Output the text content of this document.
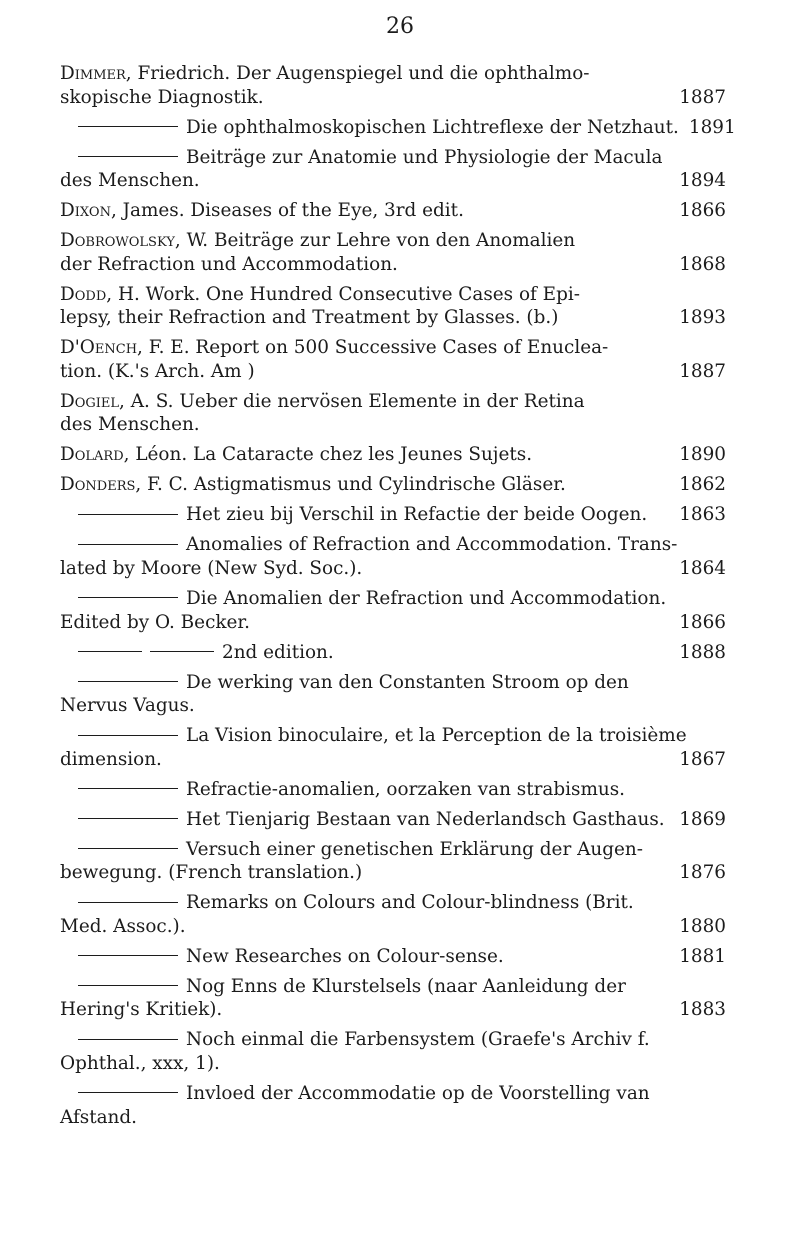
26
Dimmer, Friedrich. Der Augenspiegel und die ophthalmo-
skopische Diagnostik.	1887
Die ophthalmoskopischen Lichtreflexe der Netzhaut. 1891
Beiträge zur Anatomie und Physiologie der Macula
des Menschen.	1894
Dixon, James. Diseases of the Eye, 3rd edit.	1866
Dobrowolsky, W. Beiträge zur Lehre von den Anomalien
der Refraction und Accommodation.	1868
Dodd, H. Work. One Hundred Consecutive Cases of Epi-
lepsy, their Refraction and Treatment by Glasses. (b.)	1893
D'Oench, F. E. Report on 500 Successive Cases of Enuclea-
tion. (K.'s Arch. Am )	1887
Dogiel, A. S. Ueber die nervösen Elemente in der Retina
des Menschen.
Dolard, Léon. La Cataracte chez les Jeunes Sujets.	1890
Donders, F. C. Astigmatismus und Cylindrische Gläser.	1862
Het zieu bij Verschil in Refactie der beide Oogen.	1863
Anomalies of Refraction and Accommodation. Trans-
lated by Moore (New Syd. Soc.).	1864
Die Anomalien der Refraction und Accommodation.
Edited by O. Becker.	1866
2nd edition.	1888
De werking van den Constanten Stroom op den
Nervus Vagus.
La Vision binoculaire, et la Perception de la troisième
dimension.	1867
Refractie-anomalien, oorzaken van strabismus.
Het Tienjarig Bestaan van Nederlandsch Gasthaus. 1869
Versuch einer genetischen Erklärung der Augen-
bewegung. (French translation.)	1876
Remarks on Colours and Colour-blindness (Brit.
Med. Assoc.).	1880
New Researches on Colour-sense.	1881
Nog Enns de Klurstelsels (naar Aanleidung der
Hering's Kritiek).	1883
Noch einmal die Farbensystem (Graefe's Archiv f.
Ophthal., xxx, 1).
Invloed der Accommodatie op de Voorstelling van
Afstand.
